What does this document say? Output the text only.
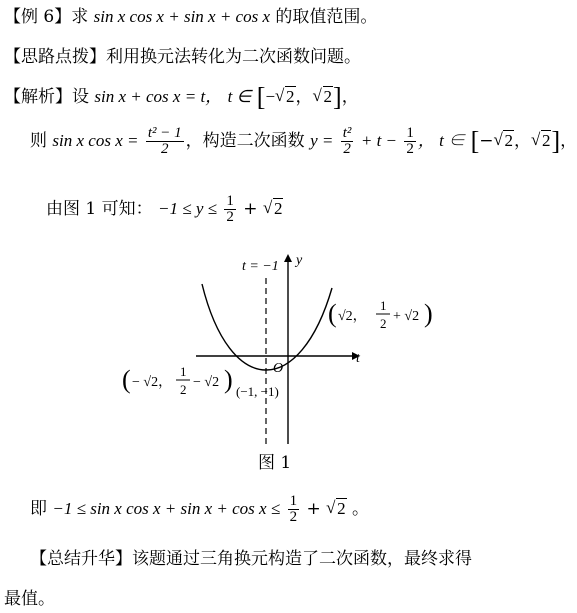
【例 6】求 sin x cos x + sin x + cos x 的取值范围。
【思路点拨】利用换元法转化为二次函数问题。
【解析】设 sin x + cos x = t， t ∈ [− √ 2， √ 2]，
则 sin x $\cos x = \frac{\text{t² − 1}}{2}$ ，构造二次函数 $y = \frac{\text{t²}}{2} + t - \frac{1}{2}$ ， t ∈ [− √ 2， √ 2]，
由图 1 可知： $-1 \le y \le \frac{1}{2}$ + √ 2
t = −1 y
t
O
( √2，
1
2 + √2 )
( − √2，
1
2 − √2 ) (−1, −1)
图 1
即 −1 ≤ sin x $\cos x + \sin x + \cos x \le \frac{1}{2}$ + √ 2 。
【总结升华】该题通过三角换元构造了二次函数，最终求得
最值。
